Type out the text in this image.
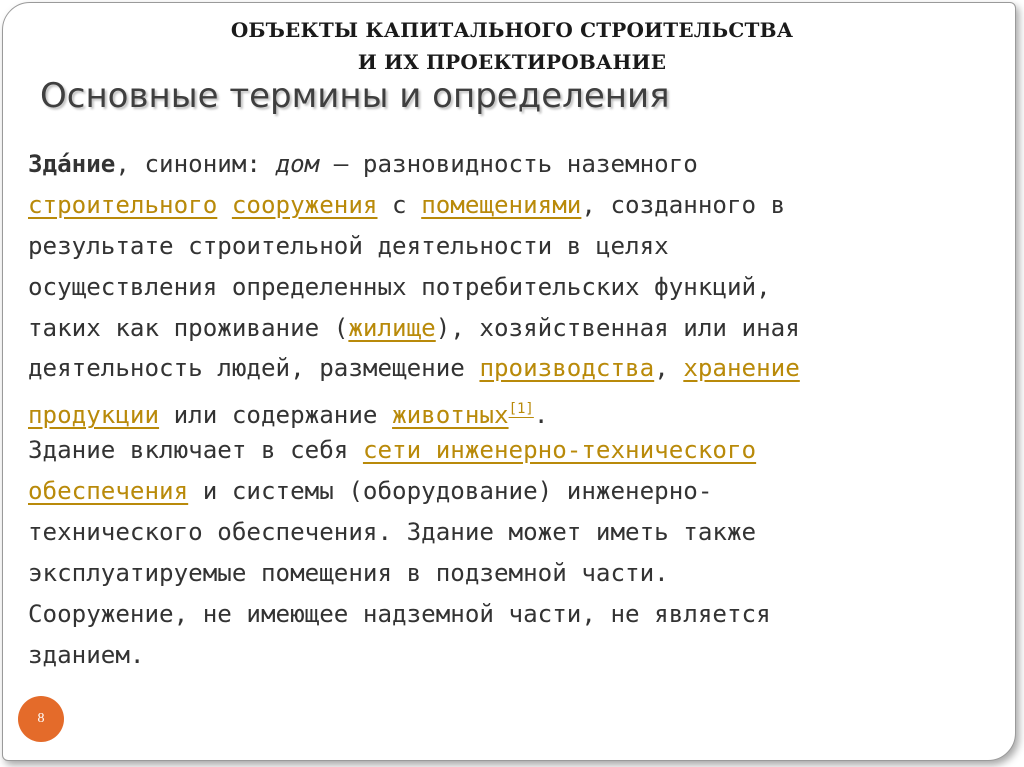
ОБЪЕКТЫ КАПИТАЛЬНОГО СТРОИТЕЛЬСТВА
И ИХ ПРОЕКТИРОВАНИЕ
Основные термины и определения
Зда́ние, синоним: дом — разновидность наземного
строительного сооружения с помещениями, созданного в
результате строительной деятельности в целях
осуществления определенных потребительских функций,
таких как проживание (жилище), хозяйственная или иная
деятельность людей, размещение производства, хранение
продукции или содержание животных[1].
Здание включает в себя сети инженерно-технического
обеспечения и системы (оборудование) инженерно-
технического обеспечения. Здание может иметь также
эксплуатируемые помещения в подземной части.
Сооружение, не имеющее надземной части, не является
зданием.
8
